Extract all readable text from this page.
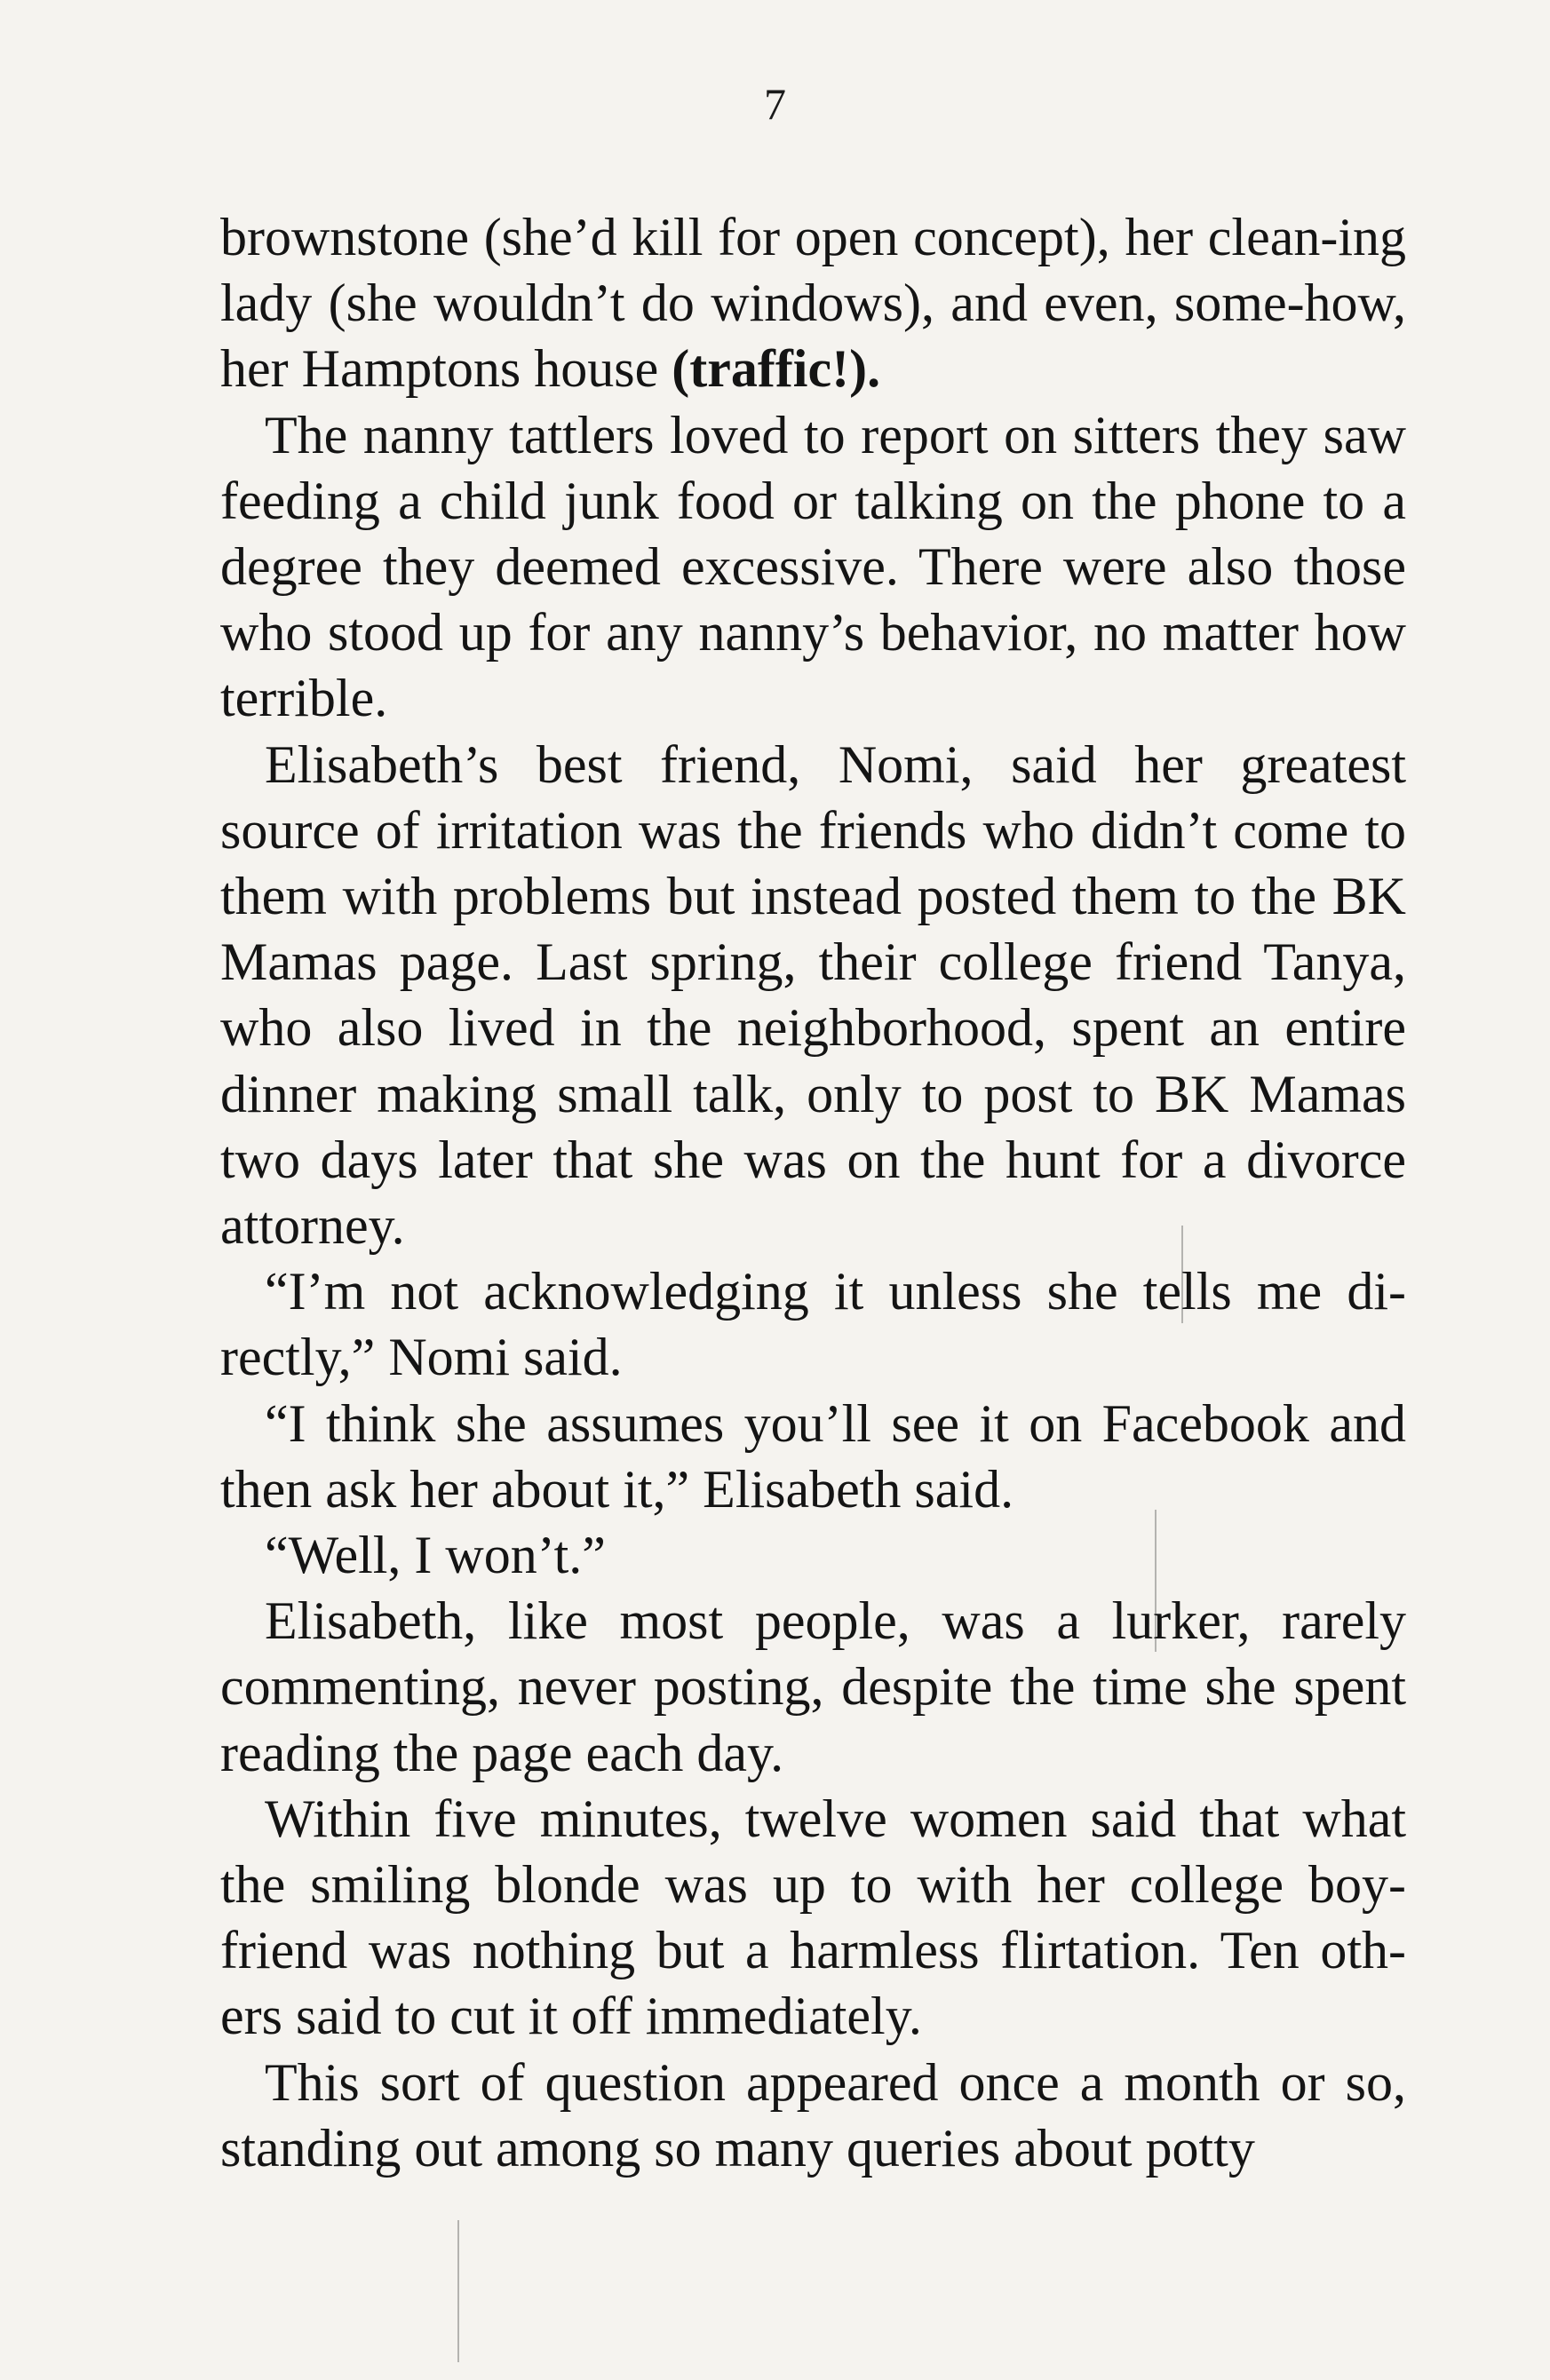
7

brownstone (she’d kill for open concept), her clean-ing lady (she wouldn’t do windows), and even, some-how, her Hamptons house (traffic!).

The nanny tattlers loved to report on sitters they saw feeding a child junk food or talking on the phone to a degree they deemed excessive. There were also those who stood up for any nanny’s behavior, no matter how terrible.

Elisabeth’s best friend, Nomi, said her greatest source of irritation was the friends who didn’t come to them with problems but instead posted them to the BK Mamas page. Last spring, their college friend Tanya, who also lived in the neighborhood, spent an entire dinner making small talk, only to post to BK Mamas two days later that she was on the hunt for a divorce attorney.

“I’m not acknowledging it unless she tells me di-rectly,” Nomi said.

“I think she assumes you’ll see it on Facebook and then ask her about it,” Elisabeth said.

“Well, I won’t.”

Elisabeth, like most people, was a lurker, rarely commenting, never posting, despite the time she spent reading the page each day.

Within five minutes, twelve women said that what the smiling blonde was up to with her college boy-friend was nothing but a harmless flirtation. Ten oth-ers said to cut it off immediately.

This sort of question appeared once a month or so, standing out among so many queries about potty
